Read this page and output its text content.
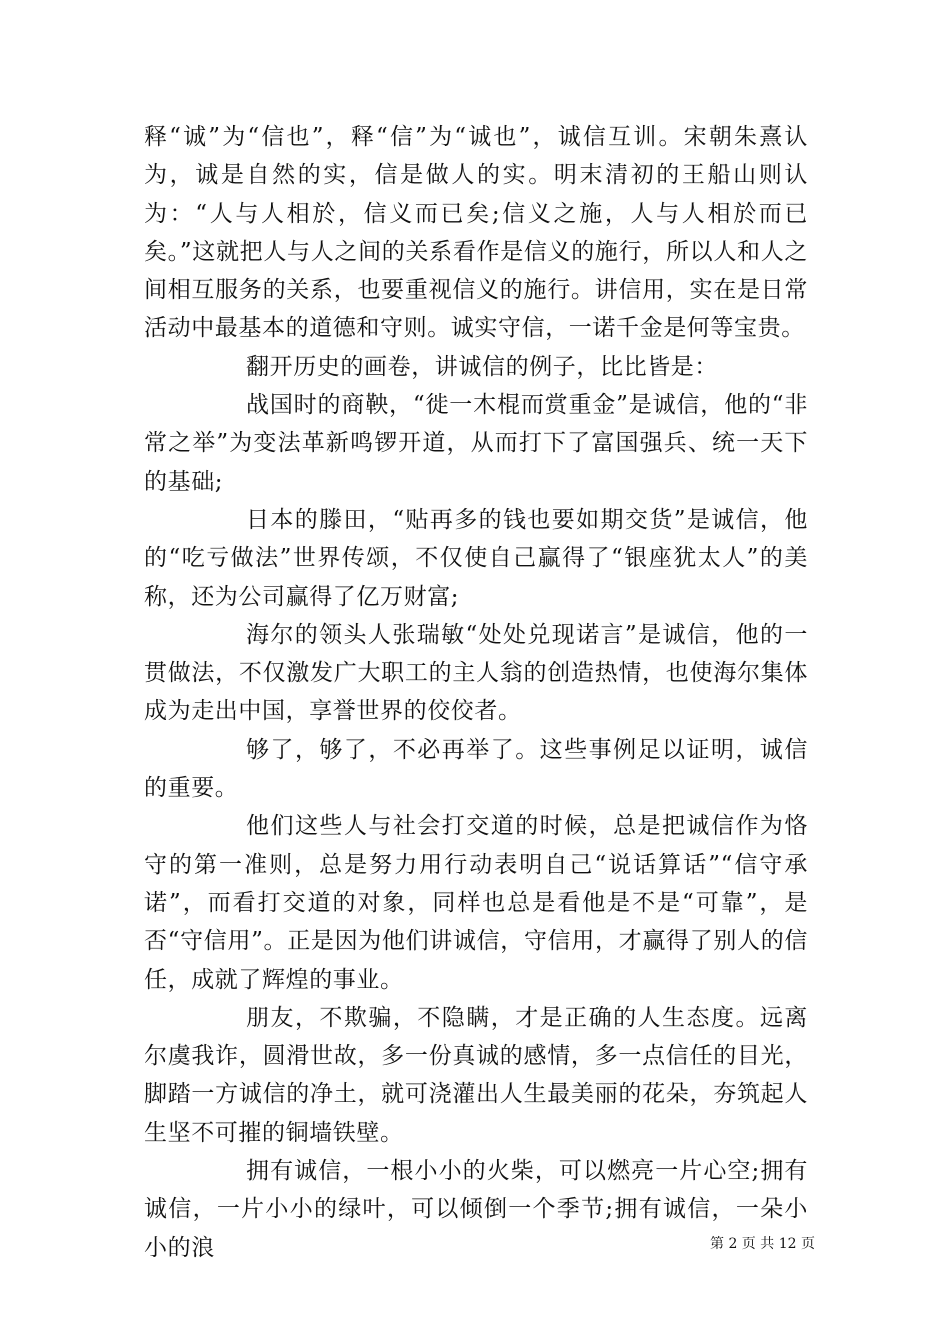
释“诚”为“信也”，释“信”为“诚也”，诚信互训。宋朝朱熹认为，诚是自然的实，信是做人的实。明末清初的王船山则认为：“人与人相於，信义而已矣;信义之施，人与人相於而已矣。”这就把人与人之间的关系看作是信义的施行，所以人和人之间相互服务的关系，也要重视信义的施行。讲信用，实在是日常活动中最基本的道德和守则。诚实守信，一诺千金是何等宝贵。

翻开历史的画卷，讲诚信的例子，比比皆是：

战国时的商鞅，“徙一木棍而赏重金”是诚信，他的“非常之举”为变法革新鸣锣开道，从而打下了富国强兵、统一天下的基础;

日本的滕田，“贴再多的钱也要如期交货”是诚信，他的“吃亏做法”世界传颂，不仅使自己赢得了“银座犹太人”的美称，还为公司赢得了亿万财富;

海尔的领头人张瑞敏“处处兑现诺言”是诚信，他的一贯做法，不仅激发广大职工的主人翁的创造热情，也使海尔集体成为走出中国，享誉世界的佼佼者。

够了，够了，不必再举了。这些事例足以证明，诚信的重要。

他们这些人与社会打交道的时候，总是把诚信作为恪守的第一准则，总是努力用行动表明自己“说话算话”“信守承诺”，而看打交道的对象，同样也总是看他是不是“可靠”，是否“守信用”。正是因为他们讲诚信，守信用，才赢得了别人的信任，成就了辉煌的事业。

朋友，不欺骗，不隐瞒，才是正确的人生态度。远离尔虞我诈，圆滑世故，多一份真诚的感情，多一点信任的目光，脚踏一方诚信的净土，就可浇灌出人生最美丽的花朵，夯筑起人生坚不可摧的铜墙铁壁。

拥有诚信，一根小小的火柴，可以燃亮一片心空;拥有诚信，一片小小的绿叶，可以倾倒一个季节;拥有诚信，一朵小小的浪	第 2 页 共 12 页
